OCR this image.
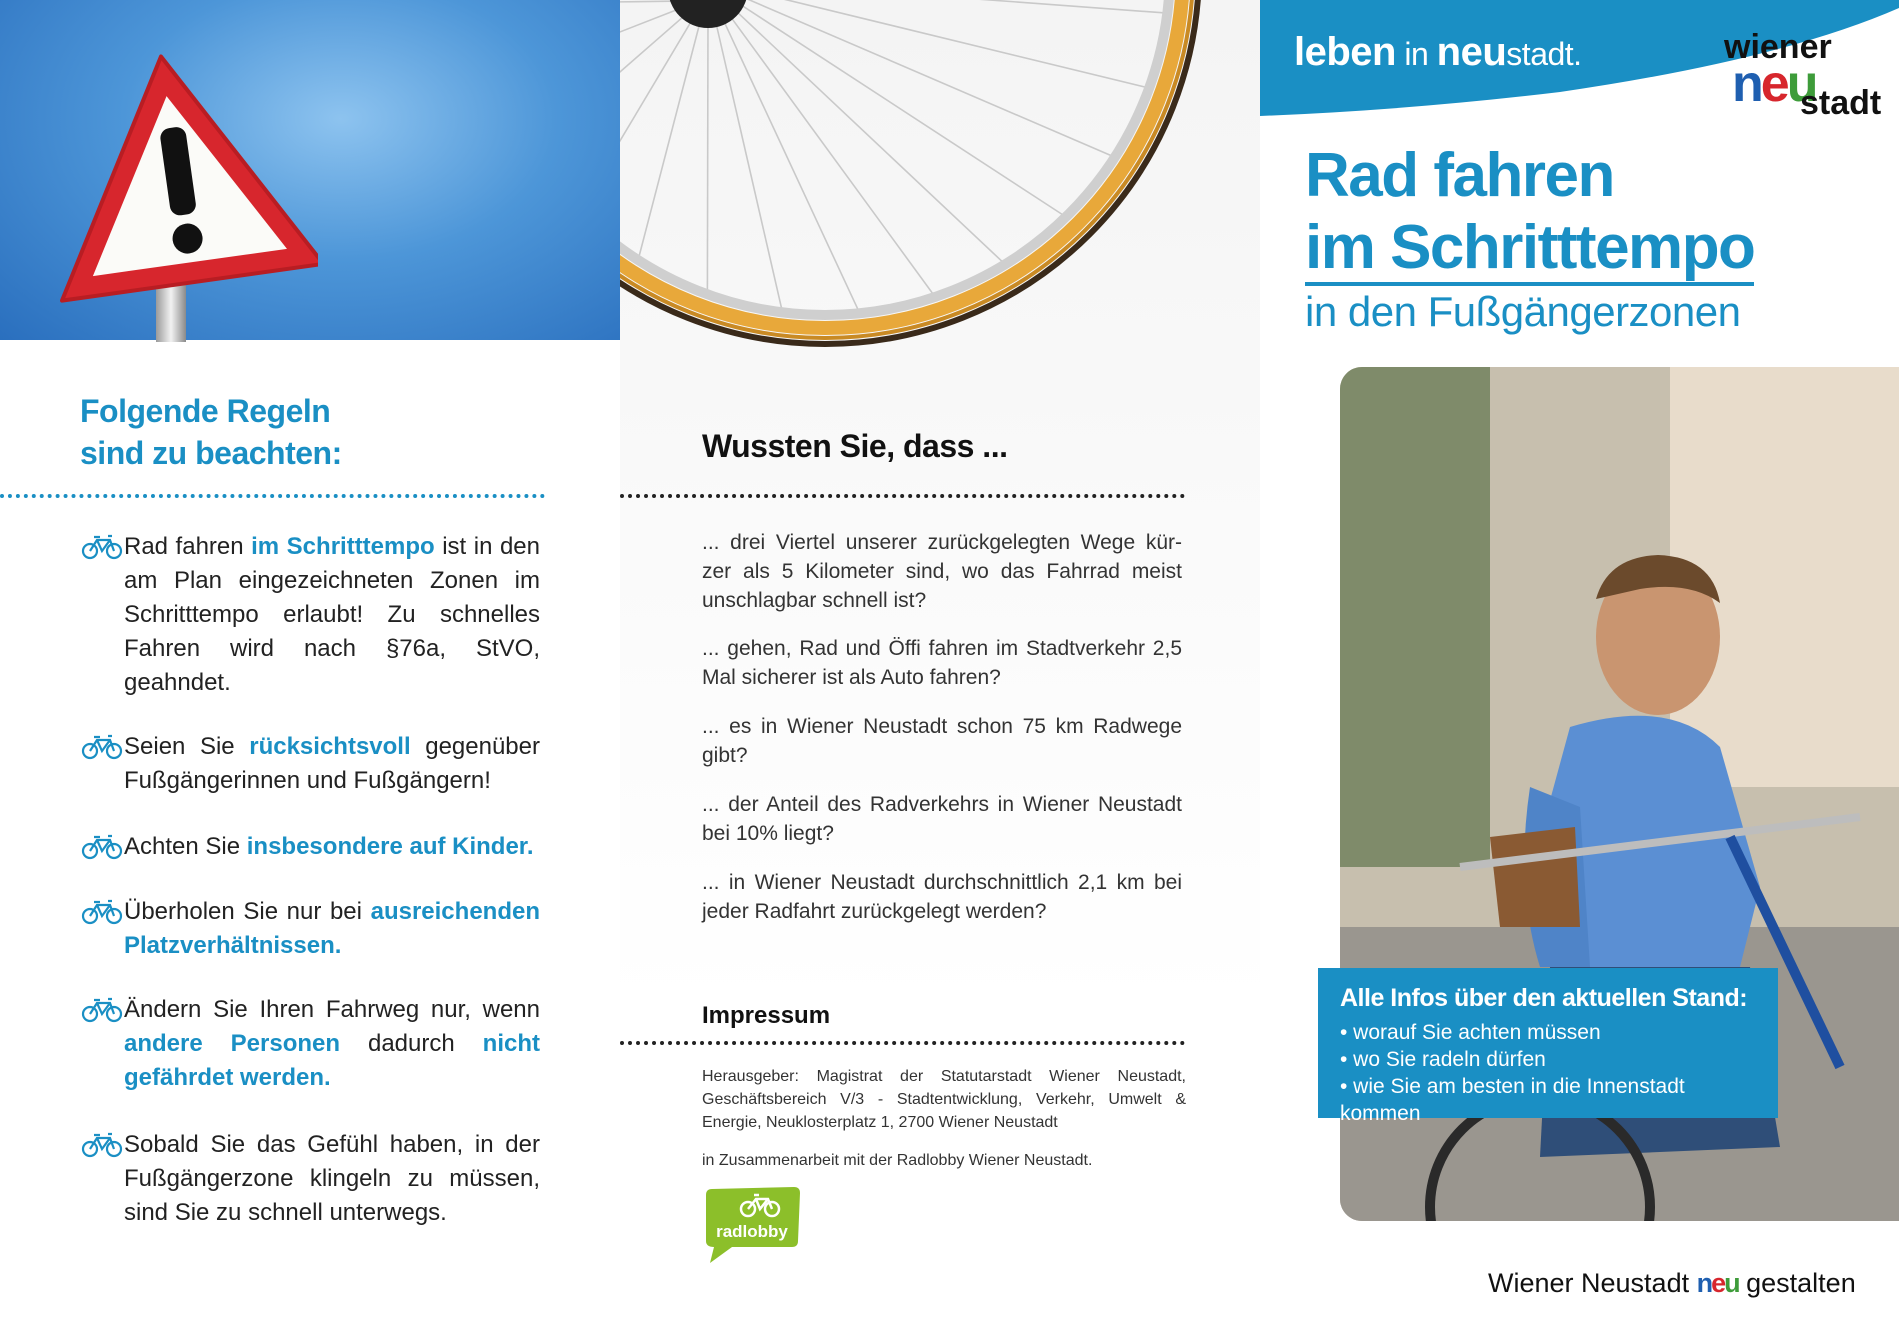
Folgende Regeln
sind zu beachten:
Rad fahren im Schritttempo ist in den am Plan eingezeichneten Zonen im Schritttempo erlaubt! Zu schnelles Fahren wird nach §76a, StVO, geahndet.
Seien Sie rücksichtsvoll gegenüber Fußgängerinnen und Fußgängern!
Achten Sie insbesondere auf Kinder.
Überholen Sie nur bei ausreichenden Platzverhältnissen.
Ändern Sie Ihren Fahrweg nur, wenn andere Personen dadurch nicht gefährdet werden.
Sobald Sie das Gefühl haben, in der Fußgängerzone klingeln zu müssen, sind Sie zu schnell unterwegs.
Wussten Sie, dass ...
... drei Viertel unserer zurückgelegten Wege kür-zer als 5 Kilometer sind, wo das Fahrrad meist unschlagbar schnell ist?
... gehen, Rad und Öffi fahren im Stadtverkehr 2,5 Mal sicherer ist als Auto fahren?
... es in Wiener Neustadt schon 75 km Radwege gibt?
... der Anteil des Radverkehrs in Wiener Neustadt bei 10% liegt?
... in Wiener Neustadt durchschnittlich 2,1 km bei jeder Radfahrt zurückgelegt werden?
Impressum
Herausgeber: Magistrat der Statutarstadt Wiener Neustadt, Geschäftsbereich V/3 - Stadtentwicklung, Verkehr, Umwelt & Energie, Neuklosterplatz 1, 2700 Wiener Neustadt
in Zusammenarbeit mit der Radlobby Wiener Neustadt.
radlobby
leben in neustadt.	wiener
neu
stadt
Rad fahren
im Schritttempo
in den Fußgängerzonen
Alle Infos über den aktuellen Stand:
• worauf Sie achten müssen
• wo Sie radeln dürfen
• wie Sie am besten in die Innenstadt kommen
Wiener Neustadt neu gestalten
